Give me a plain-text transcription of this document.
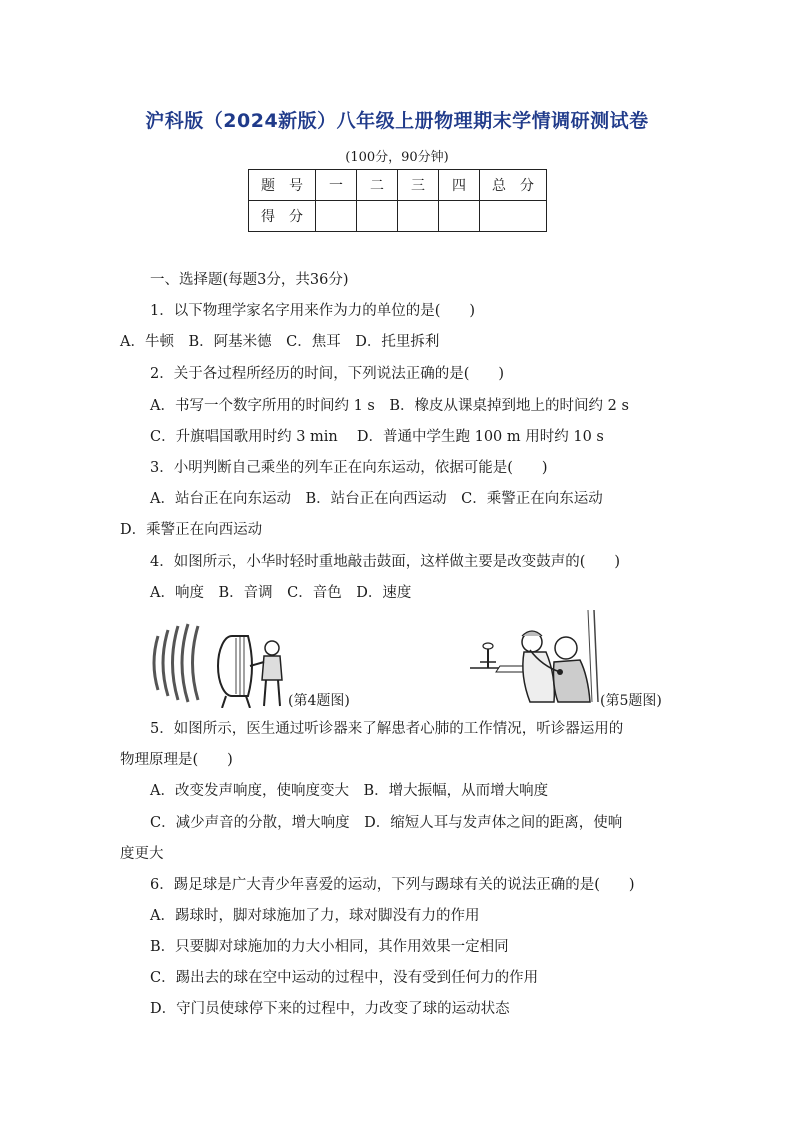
沪科版（2024新版）八年级上册物理期末学情调研测试卷
(100分，90分钟)
题　号	一	二	三	四	总　分
得　分					
一、选择题(每题3分，共36分)
1．以下物理学家名字用来作为力的单位的是(　　)
A．牛顿　B．阿基米德　C．焦耳　D．托里拆利
2．关于各过程所经历的时间，下列说法正确的是(　　)
A．书写一个数字所用的时间约 1 s　B．橡皮从课桌掉到地上的时间约 2 s
C．升旗唱国歌用时约 3 min　 D．普通中学生跑 100 m 用时约 10 s
3．小明判断自己乘坐的列车正在向东运动，依据可能是(　　)
A．站台正在向东运动　B．站台正在向西运动　C．乘警正在向东运动
D．乘警正在向西运动
4．如图所示，小华时轻时重地敲击鼓面，这样做主要是改变鼓声的(　　)
A．响度　B．音调　C．音色　D．速度
(第4题图)	(第5题图)
5．如图所示，医生通过听诊器来了解患者心肺的工作情况，听诊器运用的
物理原理是(　　)
A．改变发声响度，使响度变大　B．增大振幅，从而增大响度
C．减少声音的分散，增大响度　D．缩短人耳与发声体之间的距离，使响
度更大
6．踢足球是广大青少年喜爱的运动，下列与踢球有关的说法正确的是(　　)
A．踢球时，脚对球施加了力，球对脚没有力的作用
B．只要脚对球施加的力大小相同，其作用效果一定相同
C．踢出去的球在空中运动的过程中，没有受到任何力的作用
D．守门员使球停下来的过程中，力改变了球的运动状态
